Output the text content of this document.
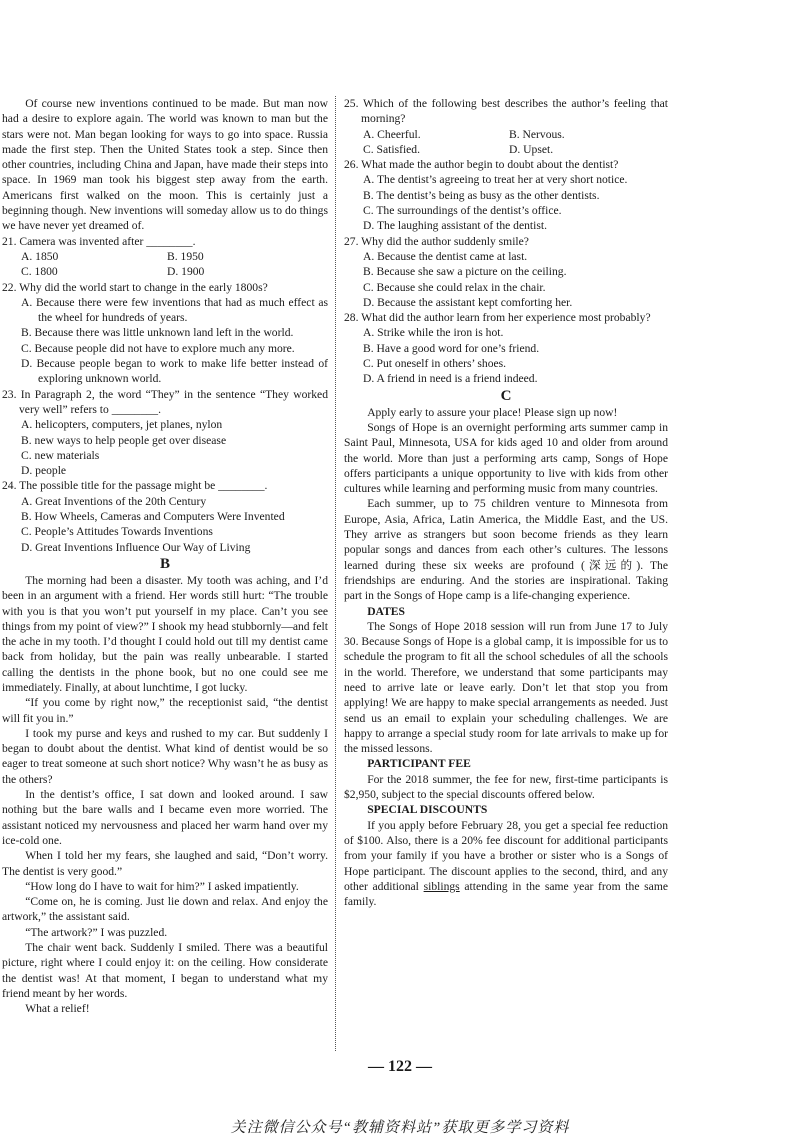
Of course new inventions continued to be made. But man now had a desire to explore again. The world was known to man but the stars were not. Man began looking for ways to go into space. Russia made the first step. Then the United States took a step. Since then other countries, including China and Japan, have made their steps into space. In 1969 man took his biggest step away from the earth. Americans first walked on the moon. This is certainly just a beginning though. New inventions will someday allow us to do things we have never yet dreamed of.

21. Camera was invented after ________.

A. 1850	B. 1950
C. 1800	D. 1900

22. Why did the world start to change in the early 1800s?

A. Because there were few inventions that had as much effect as the wheel for hundreds of years.

B. Because there was little unknown land left in the world.

C. Because people did not have to explore much any more.

D. Because people began to work to make life better instead of exploring unknown world.

23. In Paragraph 2, the word “They” in the sentence “They worked very well” refers to ________.

A. helicopters, computers, jet planes, nylon

B. new ways to help people get over disease

C. new materials

D. people

24. The possible title for the passage might be ________.

A. Great Inventions of the 20th Century

B. How Wheels, Cameras and Computers Were Invented

C. People’s Attitudes Towards Inventions

D. Great Inventions Influence Our Way of Living

B

The morning had been a disaster. My tooth was aching, and I’d been in an argument with a friend. Her words still hurt: “The trouble with you is that you won’t put yourself in my place. Can’t you see things from my point of view?” I shook my head stubbornly—and felt the ache in my tooth. I’d thought I could hold out till my dentist came back from holiday, but the pain was really unbearable. I started calling the dentists in the phone book, but no one could see me immediately. Finally, at about lunchtime, I got lucky.

“If you come by right now,” the receptionist said, “the dentist will fit you in.”

I took my purse and keys and rushed to my car. But suddenly I began to doubt about the dentist. What kind of dentist would be so eager to treat someone at such short notice? Why wasn’t he as busy as the others?

In the dentist’s office, I sat down and looked around. I saw nothing but the bare walls and I became even more worried. The assistant noticed my nervousness and placed her warm hand over my ice-cold one.

When I told her my fears, she laughed and said, “Don’t worry. The dentist is very good.”

“How long do I have to wait for him?” I asked impatiently.

“Come on, he is coming. Just lie down and relax. And enjoy the artwork,” the assistant said.

“The artwork?” I was puzzled.

The chair went back. Suddenly I smiled. There was a beautiful picture, right where I could enjoy it: on the ceiling. How considerate the dentist was! At that moment, I began to understand what my friend meant by her words.

What a relief!

25. Which of the following best describes the author’s feeling that morning?

A. Cheerful.	B. Nervous.
C. Satisfied.	D. Upset.

26. What made the author begin to doubt about the dentist?

A. The dentist’s agreeing to treat her at very short notice.

B. The dentist’s being as busy as the other dentists.

C. The surroundings of the dentist’s office.

D. The laughing assistant of the dentist.

27. Why did the author suddenly smile?

A. Because the dentist came at last.

B. Because she saw a picture on the ceiling.

C. Because she could relax in the chair.

D. Because the assistant kept comforting her.

28. What did the author learn from her experience most probably?

A. Strike while the iron is hot.

B. Have a good word for one’s friend.

C. Put oneself in others’ shoes.

D. A friend in need is a friend indeed.

C

Apply early to assure your place! Please sign up now!

Songs of Hope is an overnight performing arts summer camp in Saint Paul, Minnesota, USA for kids aged 10 and older from around the world. More than just a performing arts camp, Songs of Hope offers participants a unique opportunity to live with kids from other cultures while learning and performing music from many countries.

Each summer, up to 75 children venture to Minnesota from Europe, Asia, Africa, Latin America, the Middle East, and the US. They arrive as strangers but soon become friends as they learn popular songs and dances from each other’s cultures. The lessons learned during these six weeks are profound (深远的). The friendships are enduring. And the stories are inspirational. Taking part in the Songs of Hope camp is a life-changing experience.

DATES

The Songs of Hope 2018 session will run from June 17 to July 30. Because Songs of Hope is a global camp, it is impossible for us to schedule the program to fit all the school schedules of all the schools in the world. Therefore, we understand that some participants may need to arrive late or leave early. Don’t let that stop you from applying! We are happy to make special arrangements as needed. Just send us an email to explain your scheduling challenges. We are happy to arrange a special study room for late arrivals to make up for the missed lessons.

PARTICIPANT FEE

For the 2018 summer, the fee for new, first-time participants is $2,950, subject to the special discounts offered below.

SPECIAL DISCOUNTS

If you apply before February 28, you get a special fee reduction of $100. Also, there is a 20% fee discount for additional participants from your family if you have a brother or sister who is a Songs of Hope participant. The discount applies to the second, third, and any other additional siblings attending in the same year from the same family.

— 122 —
关注微信公众号“教辅资料站”获取更多学习资料
